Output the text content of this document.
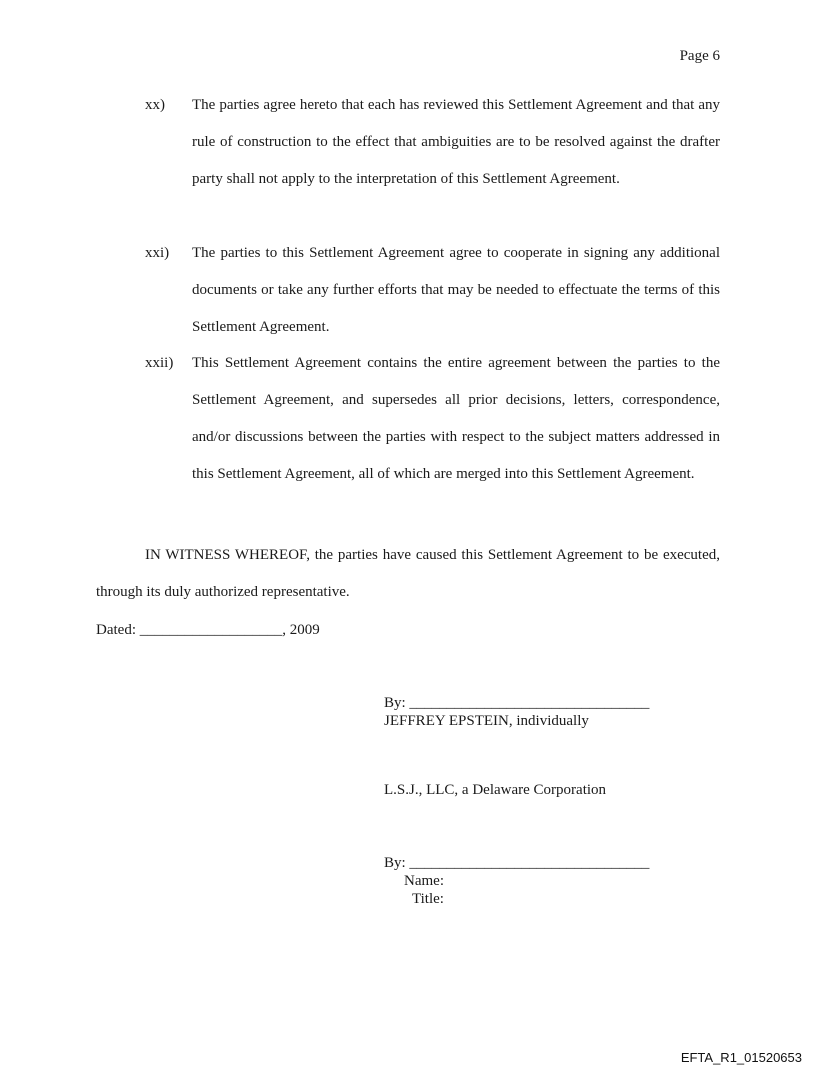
Page 6
xx)	The parties agree hereto that each has reviewed this Settlement Agreement and that any rule of construction to the effect that ambiguities are to be resolved against the drafter party shall not apply to the interpretation of this Settlement Agreement.
xxi)	The parties to this Settlement Agreement agree to cooperate in signing any additional documents or take any further efforts that may be needed to effectuate the terms of this Settlement Agreement.
xxii)	This Settlement Agreement contains the entire agreement between the parties to the Settlement Agreement, and supersedes all prior decisions, letters, correspondence, and/or discussions between the parties with respect to the subject matters addressed in this Settlement Agreement, all of which are merged into this Settlement Agreement.
IN WITNESS WHEREOF, the parties have caused this Settlement Agreement to be executed, through its duly authorized representative.
Dated: ___________________, 2009
By: ________________________________
JEFFREY EPSTEIN, individually
L.S.J., LLC, a Delaware Corporation
By: ________________________________
Name:
Title:
EFTA_R1_01520653
